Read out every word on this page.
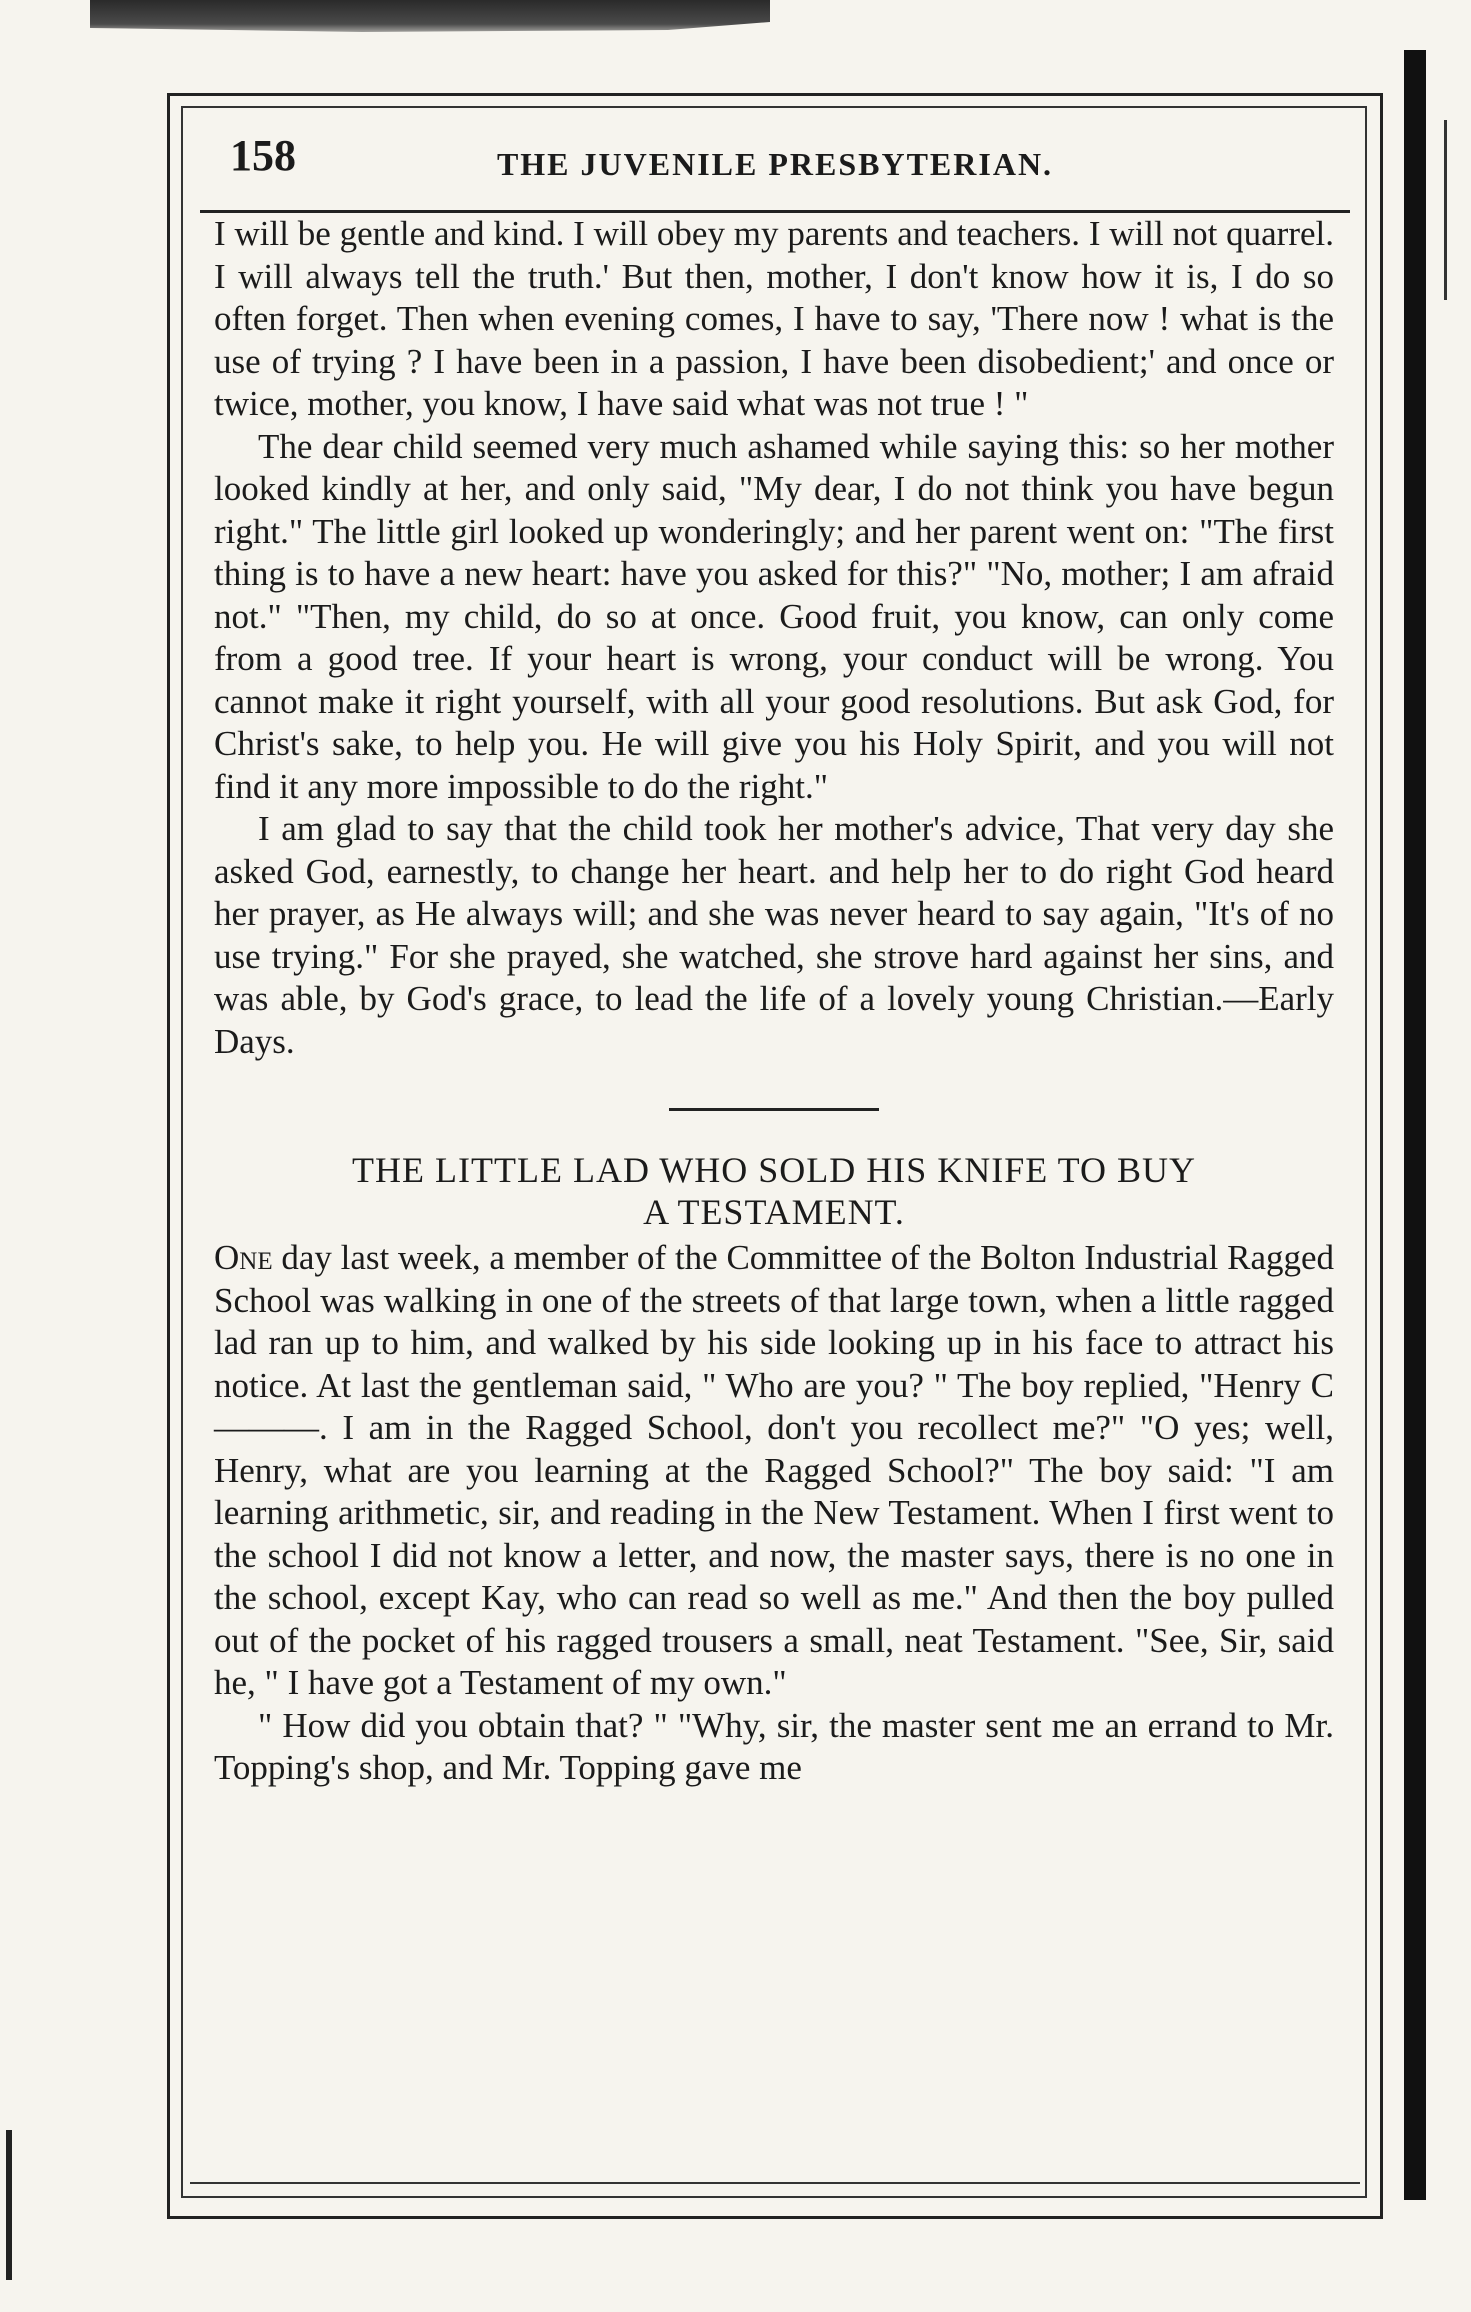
158	THE JUVENILE PRESBYTERIAN.

I will be gentle and kind. I will obey my parents and teachers. I will not quarrel. I will always tell the truth.' But then, mother, I don't know how it is, I do so often forget. Then when evening comes, I have to say, 'There now ! what is the use of trying ? I have been in a passion, I have been disobedient;' and once or twice, mother, you know, I have said what was not true ! "

The dear child seemed very much ashamed while saying this: so her mother looked kindly at her, and only said, "My dear, I do not think you have begun right." The little girl looked up wonderingly; and her parent went on: "The first thing is to have a new heart: have you asked for this?" "No, mother; I am afraid not." "Then, my child, do so at once. Good fruit, you know, can only come from a good tree. If your heart is wrong, your conduct will be wrong. You cannot make it right yourself, with all your good resolutions. But ask God, for Christ's sake, to help you. He will give you his Holy Spirit, and you will not find it any more impossible to do the right."

I am glad to say that the child took her mother's advice, That very day she asked God, earnestly, to change her heart. and help her to do right God heard her prayer, as He always will; and she was never heard to say again, "It's of no use trying." For she prayed, she watched, she strove hard against her sins, and was able, by God's grace, to lead the life of a lovely young Christian.—Early Days.

THE LITTLE LAD WHO SOLD HIS KNIFE TO BUY
A TESTAMENT.

One day last week, a member of the Committee of the Bolton Industrial Ragged School was walking in one of the streets of that large town, when a little ragged lad ran up to him, and walked by his side looking up in his face to attract his notice. At last the gentleman said, " Who are you? " The boy replied, "Henry C———. I am in the Ragged School, don't you recollect me?" "O yes; well, Henry, what are you learning at the Ragged School?" The boy said: "I am learning arithmetic, sir, and reading in the New Testament. When I first went to the school I did not know a letter, and now, the master says, there is no one in the school, except Kay, who can read so well as me." And then the boy pulled out of the pocket of his ragged trousers a small, neat Testament. "See, Sir, said he, " I have got a Testament of my own."

" How did you obtain that? " "Why, sir, the master sent me an errand to Mr. Topping's shop, and Mr. Topping gave me
